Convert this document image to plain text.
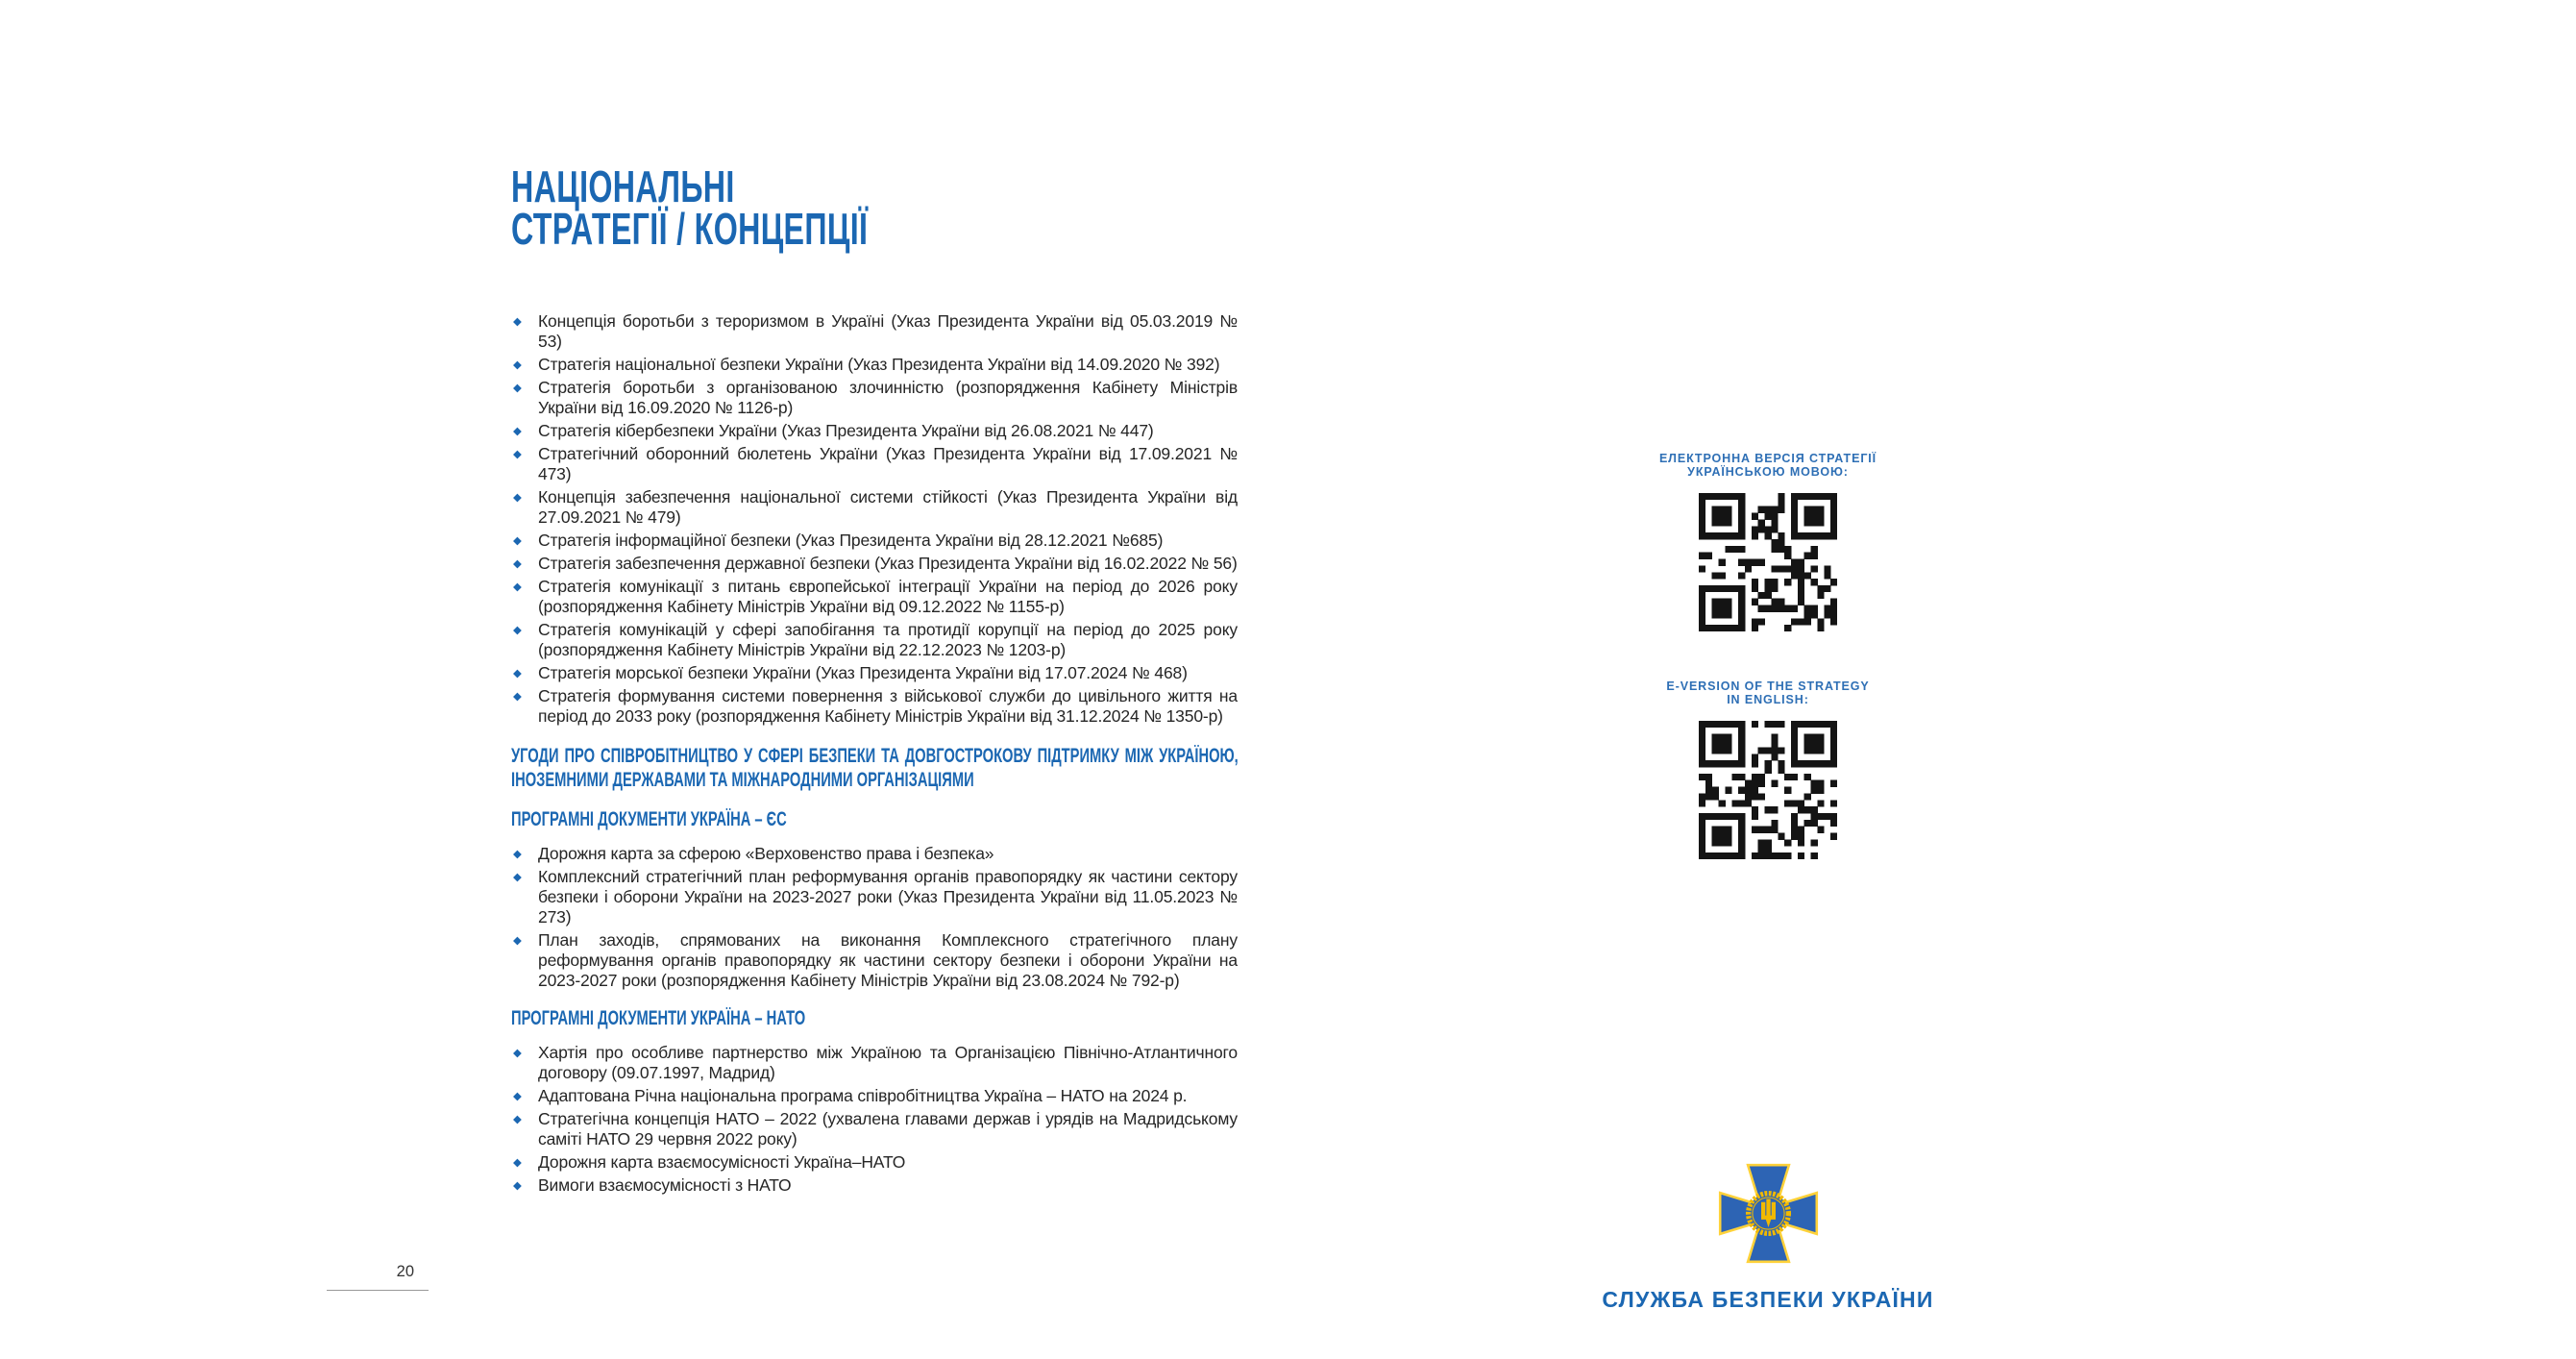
НАЦІОНАЛЬНІ
СТРАТЕГІЇ / КОНЦЕПЦІЇ
◆ Концепція боротьби з тероризмом в Україні (Указ Президента України від 05.03.2019 № 53)
◆ Стратегія національної безпеки України (Указ Президента України від 14.09.2020 № 392)
◆ Стратегія боротьби з організованою злочинністю (розпорядження Кабінету Міністрів України від 16.09.2020 № 1126-р)
◆ Стратегія кібербезпеки України (Указ Президента України від 26.08.2021 № 447)
◆ Стратегічний оборонний бюлетень України (Указ Президента України від 17.09.2021 № 473)
◆ Концепція забезпечення національної системи стійкості (Указ Президента України від 27.09.2021 № 479)
◆ Стратегія інформаційної безпеки (Указ Президента України від 28.12.2021 №685)
◆ Стратегія забезпечення державної безпеки (Указ Президента України від 16.02.2022 № 56)
◆ Стратегія комунікації з питань європейської інтеграції України на період до 2026 року (розпорядження Кабінету Міністрів України від 09.12.2022 № 1155-р)
◆ Стратегія комунікацій у сфері запобігання та протидії корупції на період до 2025 року (розпорядження Кабінету Міністрів України від 22.12.2023 № 1203-р)
◆ Стратегія морської безпеки України (Указ Президента України від 17.07.2024 № 468)
◆ Стратегія формування системи повернення з військової служби до цивільного життя на період до 2033 року (розпорядження Кабінету Міністрів України від 31.12.2024 № 1350-р)
УГОДИ ПРО СПІВРОБІТНИЦТВО У СФЕРІ БЕЗПЕКИ ТА ДОВГОСТРОКОВУ ПІДТРИМКУ МІЖ УКРАЇНОЮ, ІНОЗЕМНИМИ ДЕРЖАВАМИ ТА МІЖНАРОДНИМИ ОРГАНІЗАЦІЯМИ
ПРОГРАМНІ ДОКУМЕНТИ УКРАЇНА – ЄС
◆ Дорожня карта за сферою «Верховенство права і безпека»
◆ Комплексний стратегічний план реформування органів правопорядку як частини сектору безпеки і оборони України на 2023-2027 роки (Указ Президента України від 11.05.2023 № 273)
◆ План заходів, спрямованих на виконання Комплексного стратегічного плану реформування органів правопорядку як частини сектору безпеки і оборони України на 2023-2027 роки (розпорядження Кабінету Міністрів України від 23.08.2024 № 792-р)
ПРОГРАМНІ ДОКУМЕНТИ УКРАЇНА – НАТО
◆ Хартія про особливе партнерство між Україною та Організацією Північно-Атлантичного договору (09.07.1997, Мадрид)
◆ Адаптована Річна національна програма співробітництва Україна – НАТО на 2024 р.
◆ Стратегічна концепція НАТО – 2022 (ухвалена главами держав і урядів на Мадридському саміті НАТО 29 червня 2022 року)
◆ Дорожня карта взаємосумісності Україна–НАТО
◆ Вимоги взаємосумісності з НАТО
20
ЕЛЕКТРОННА ВЕРСІЯ СТРАТЕГІЇ
УКРАЇНСЬКОЮ МОВОЮ:
E-VERSION OF THE STRATEGY
IN ENGLISH:
СЛУЖБА БЕЗПЕКИ УКРАЇНИ
